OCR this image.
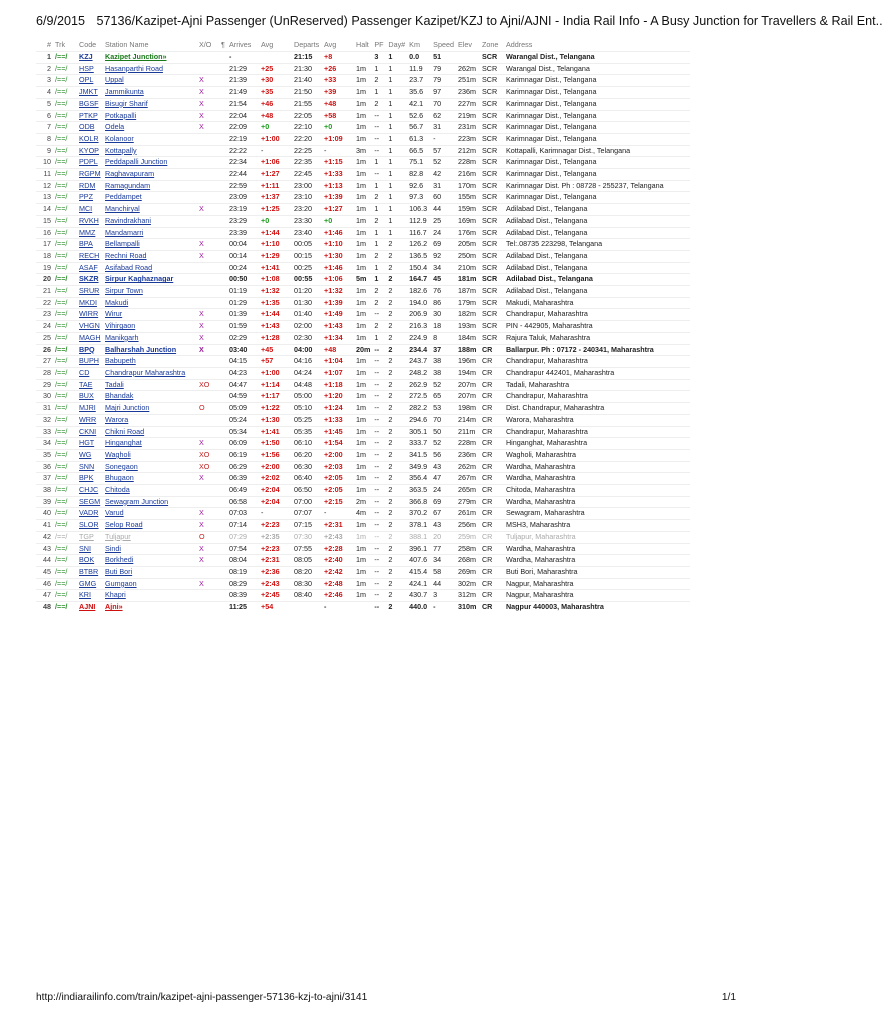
6/9/2015 57136/Kazipet-Ajni Passenger (UnReserved) Passenger Kazipet/KZJ to Ajni/AJNI - India Rail Info - A Busy Junction for Travellers & Rail Ent..
#	Trk	Code	Station Name	X/O	¶	Arrives	Avg	Departs	Avg	Halt	PF	Day#	Km	Speed	Elev	Zone	Address
1	/==/	KZJ	Kazipet Junction»			-		21:15	+8		3	1	0.0	51		SCR	Warangal Dist., Telangana
2	/==/	HSP	Hasanparthi Road			21:29	+25	21:30	+26	1m	1	1	11.9	79	262m	SCR	Warangal Dist., Telangana
3	/==/	OPL	Uppal	X		21:39	+30	21:40	+33	1m	2	1	23.7	79	251m	SCR	Karimnagar Dist., Telangana
4	/==/	JMKT	Jammikunta	X		21:49	+35	21:50	+39	1m	1	1	35.6	97	236m	SCR	Karimnagar Dist., Telangana
5	/==/	BGSF	Bisugir Sharif	X		21:54	+46	21:55	+48	1m	2	1	42.1	70	227m	SCR	Karimnagar Dist., Telangana
6	/==/	PTKP	Potkapalli	X		22:04	+48	22:05	+58	1m	--	1	52.6	62	219m	SCR	Karimnagar Dist., Telangana
7	/==/	ODB	Odela	X		22:09	+0	22:10	+0	1m	--	1	56.7	31	231m	SCR	Karimnagar Dist., Telangana
8	/==/	KOLR	Kolanoor			22:19	+1:00	22:20	+1:09	1m	--	1	61.3	-	223m	SCR	Karimnagar Dist., Telangana
9	/==/	KYOP	Kottapally			22:22	-	22:25	-	3m	--	1	66.5	57	212m	SCR	Kottapalli, Karimnagar Dist., Telangana
10	/==/	PDPL	Peddapalli Junction			22:34	+1:06	22:35	+1:15	1m	1	1	75.1	52	228m	SCR	Karimnagar Dist., Telangana
11	/==/	RGPM	Raghavapuram			22:44	+1:27	22:45	+1:33	1m	--	1	82.8	42	216m	SCR	Karimnagar Dist., Telangana
12	/==/	RDM	Ramagundam			22:59	+1:11	23:00	+1:13	1m	1	1	92.6	31	170m	SCR	Karimnagar Dist. Ph : 08728 - 255237, Telangana
13	/==/	PPZ	Peddampet			23:09	+1:37	23:10	+1:39	1m	2	1	97.3	60	155m	SCR	Karimnagar Dist., Telangana
14	/==/	MCI	Manchiryal	X		23:19	+1:25	23:20	+1:27	1m	1	1	106.3	44	159m	SCR	Adilabad Dist., Telangana
15	/==/	RVKH	Ravindrakhani			23:29	+0	23:30	+0	1m	2	1	112.9	25	169m	SCR	Adilabad Dist., Telangana
16	/==/	MMZ	Mandamarri			23:39	+1:44	23:40	+1:46	1m	1	1	116.7	24	176m	SCR	Adilabad Dist., Telangana
17	/==/	BPA	Bellampalli	X		00:04	+1:10	00:05	+1:10	1m	1	2	126.2	69	205m	SCR	Tel:.08735 223298, Telangana
18	/==/	RECH	Rechni Road	X		00:14	+1:29	00:15	+1:30	1m	2	2	136.5	92	250m	SCR	Adilabad Dist., Telangana
19	/==/	ASAF	Asifabad Road			00:24	+1:41	00:25	+1:46	1m	1	2	150.4	34	210m	SCR	Adilabad Dist., Telangana
20	/==/	SKZR	Sirpur Kaghaznagar			00:50	+1:08	00:55	+1:06	5m	1	2	164.7	45	181m	SCR	Adilabad Dist., Telangana
21	/==/	SRUR	Sirpur Town			01:19	+1:32	01:20	+1:32	1m	2	2	182.6	76	187m	SCR	Adilabad Dist., Telangana
22	/==/	MKDI	Makudi			01:29	+1:35	01:30	+1:39	1m	2	2	194.0	86	179m	SCR	Makudi, Maharashtra
23	/==/	WIRR	Wirur	X		01:39	+1:44	01:40	+1:49	1m	--	2	206.9	30	182m	SCR	Chandrapur, Maharashtra
24	/==/	VHGN	Vihirgaon	X		01:59	+1:43	02:00	+1:43	1m	2	2	216.3	18	193m	SCR	PIN - 442905, Maharashtra
25	/==/	MAGH	Manikgarh	X		02:29	+1:28	02:30	+1:34	1m	1	2	224.9	8	184m	SCR	Rajura Taluk, Maharashtra
26	/==/	BPQ	Balharshah Junction	X		03:40	+45	04:00	+48	20m	--	2	234.4	37	188m	CR	Ballarpur. Ph : 07172 - 240341, Maharashtra
27	/==/	BUPH	Babupeth			04:15	+57	04:16	+1:04	1m	--	2	243.7	38	196m	CR	Chandrapur, Maharashtra
28	/==/	CD	Chandrapur Maharashtra			04:23	+1:00	04:24	+1:07	1m	--	2	248.2	38	194m	CR	Chandrapur 442401, Maharashtra
29	/==/	TAE	Tadali	XO		04:47	+1:14	04:48	+1:18	1m	--	2	262.9	52	207m	CR	Tadali, Maharashtra
30	/==/	BUX	Bhandak			04:59	+1:17	05:00	+1:20	1m	--	2	272.5	65	207m	CR	Chandrapur, Maharashtra
31	/==/	MJRI	Majri Junction	O		05:09	+1:22	05:10	+1:24	1m	--	2	282.2	53	198m	CR	Dist. Chandrapur, Maharashtra
32	/==/	WRR	Warora			05:24	+1:30	05:25	+1:33	1m	--	2	294.6	70	214m	CR	Warora, Maharashtra
33	/==/	CKNI	Chikni Road			05:34	+1:41	05:35	+1:45	1m	--	2	305.1	50	211m	CR	Chandrapur, Maharashtra
34	/==/	HGT	Hinganghat	X		06:09	+1:50	06:10	+1:54	1m	--	2	333.7	52	228m	CR	Hinganghat, Maharashtra
35	/==/	WG	Wagholi	XO		06:19	+1:56	06:20	+2:00	1m	--	2	341.5	56	236m	CR	Wagholi, Maharashtra
36	/==/	SNN	Sonegaon	XO		06:29	+2:00	06:30	+2:03	1m	--	2	349.9	43	262m	CR	Wardha, Maharashtra
37	/==/	BPK	Bhugaon	X		06:39	+2:02	06:40	+2:05	1m	--	2	356.4	47	267m	CR	Wardha, Maharashtra
38	/==/	CHJC	Chitoda			06:49	+2:04	06:50	+2:05	1m	--	2	363.5	24	265m	CR	Chitoda, Maharashtra
39	/==/	SEGM	Sewagram Junction			06:58	+2:04	07:00	+2:15	2m	--	2	366.8	69	279m	CR	Wardha, Maharashtra
40	/==/	VADR	Varud	X		07:03	-	07:07	-	4m	--	2	370.2	67	261m	CR	Sewagram, Maharashtra
41	/==/	SLOR	Selop Road	X		07:14	+2:23	07:15	+2:31	1m	--	2	378.1	43	256m	CR	MSH3, Maharashtra
42	/==/	TGP	Tuljapur	O		07:29	+2:35	07:30	+2:43	1m	--	2	388.1	20	259m	CR	Tuljapur, Maharashtra
43	/==/	SNI	Sindi	X		07:54	+2:23	07:55	+2:28	1m	--	2	396.1	77	258m	CR	Wardha, Maharashtra
44	/==/	BOK	Borkhedi	X		08:04	+2:31	08:05	+2:40	1m	--	2	407.6	34	268m	CR	Wardha, Maharashtra
45	/==/	BTBR	Buti Bori			08:19	+2:36	08:20	+2:42	1m	--	2	415.4	58	269m	CR	Buti Bori, Maharashtra
46	/==/	GMG	Gumgaon	X		08:29	+2:43	08:30	+2:48	1m	--	2	424.1	44	302m	CR	Nagpur, Maharashtra
47	/==/	KRI	Khapri			08:39	+2:45	08:40	+2:46	1m	--	2	430.7	3	312m	CR	Nagpur, Maharashtra
48	/==/	AJNI	Ajni»			11:25	+54		-		--	2	440.0	-	310m	CR	Nagpur 440003, Maharashtra
http://indiarailinfo.com/train/kazipet-ajni-passenger-57136-kzj-to-ajni/3141	1/1
